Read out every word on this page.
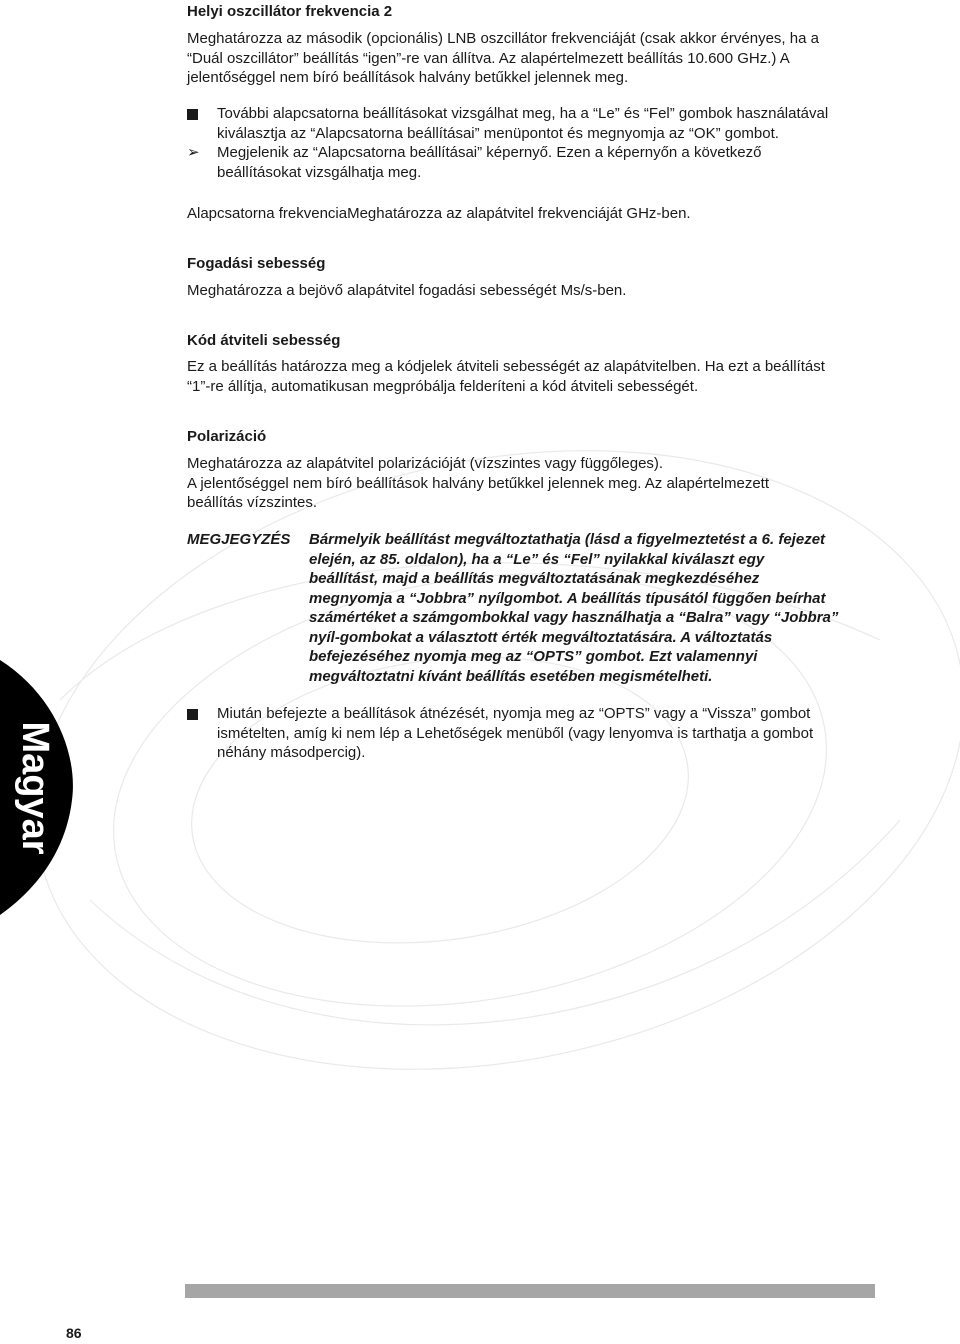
Helyi oszcillátor frekvencia 2

Meghatározza az második (opcionális) LNB oszcillátor frekvenciáját (csak akkor érvényes, ha a

“Duál oszcillátor” beállítás “igen”-re van állítva. Az alapértelmezett beállítás 10.600 GHz.) A

jelentőséggel nem bíró beállítások halvány betűkkel jelennek meg.

További alapcsatorna beállításokat vizsgálhat meg, ha a “Le” és “Fel” gombok használatával

kiválasztja az “Alapcsatorna beállításai” menüpontot és megnyomja az “OK” gombot.

➢ Megjelenik az “Alapcsatorna beállításai” képernyő. Ezen a képernyőn a következő

beállításokat vizsgálhatja meg.

Alapcsatorna frekvenciaMeghatározza az alapátvitel frekvenciáját GHz-ben.

Fogadási sebesség

Meghatározza a bejövő alapátvitel fogadási sebességét Ms/s-ben.

Kód átviteli sebesség

Ez a beállítás határozza meg a kódjelek átviteli sebességét az alapátvitelben. Ha ezt a beállítást

“1”-re állítja, automatikusan megpróbálja felderíteni a kód átviteli sebességét.

Polarizáció

Meghatározza az alapátvitel polarizációját (vízszintes vagy függőleges).

A jelentőséggel nem bíró beállítások halvány betűkkel jelennek meg. Az alapértelmezett

beállítás vízszintes.

MEGJEGYZÉS Bármelyik beállítást megváltoztathatja (lásd a figyelmeztetést a 6. fejezet

elején, az 85. oldalon), ha a “Le” és “Fel” nyilakkal kiválaszt egy

beállítást, majd a beállítás megváltoztatásának megkezdéséhez

megnyomja a “Jobbra” nyílgombot. A beállítás típusától függően beírhat

számértéket a számgombokkal vagy használhatja a “Balra” vagy “Jobbra”

nyíl-gombokat a választott érték megváltoztatására. A változtatás

befejezéséhez nyomja meg az “OPTS” gombot. Ezt valamennyi

megváltoztatni kívánt beállítás esetében megismételheti.

Miután befejezte a beállítások átnézését, nyomja meg az “OPTS” vagy a “Vissza” gombot

ismételten, amíg ki nem lép a Lehetőségek menüből (vagy lenyomva is tarthatja a gombot

néhány másodpercig).

Magyar
86
